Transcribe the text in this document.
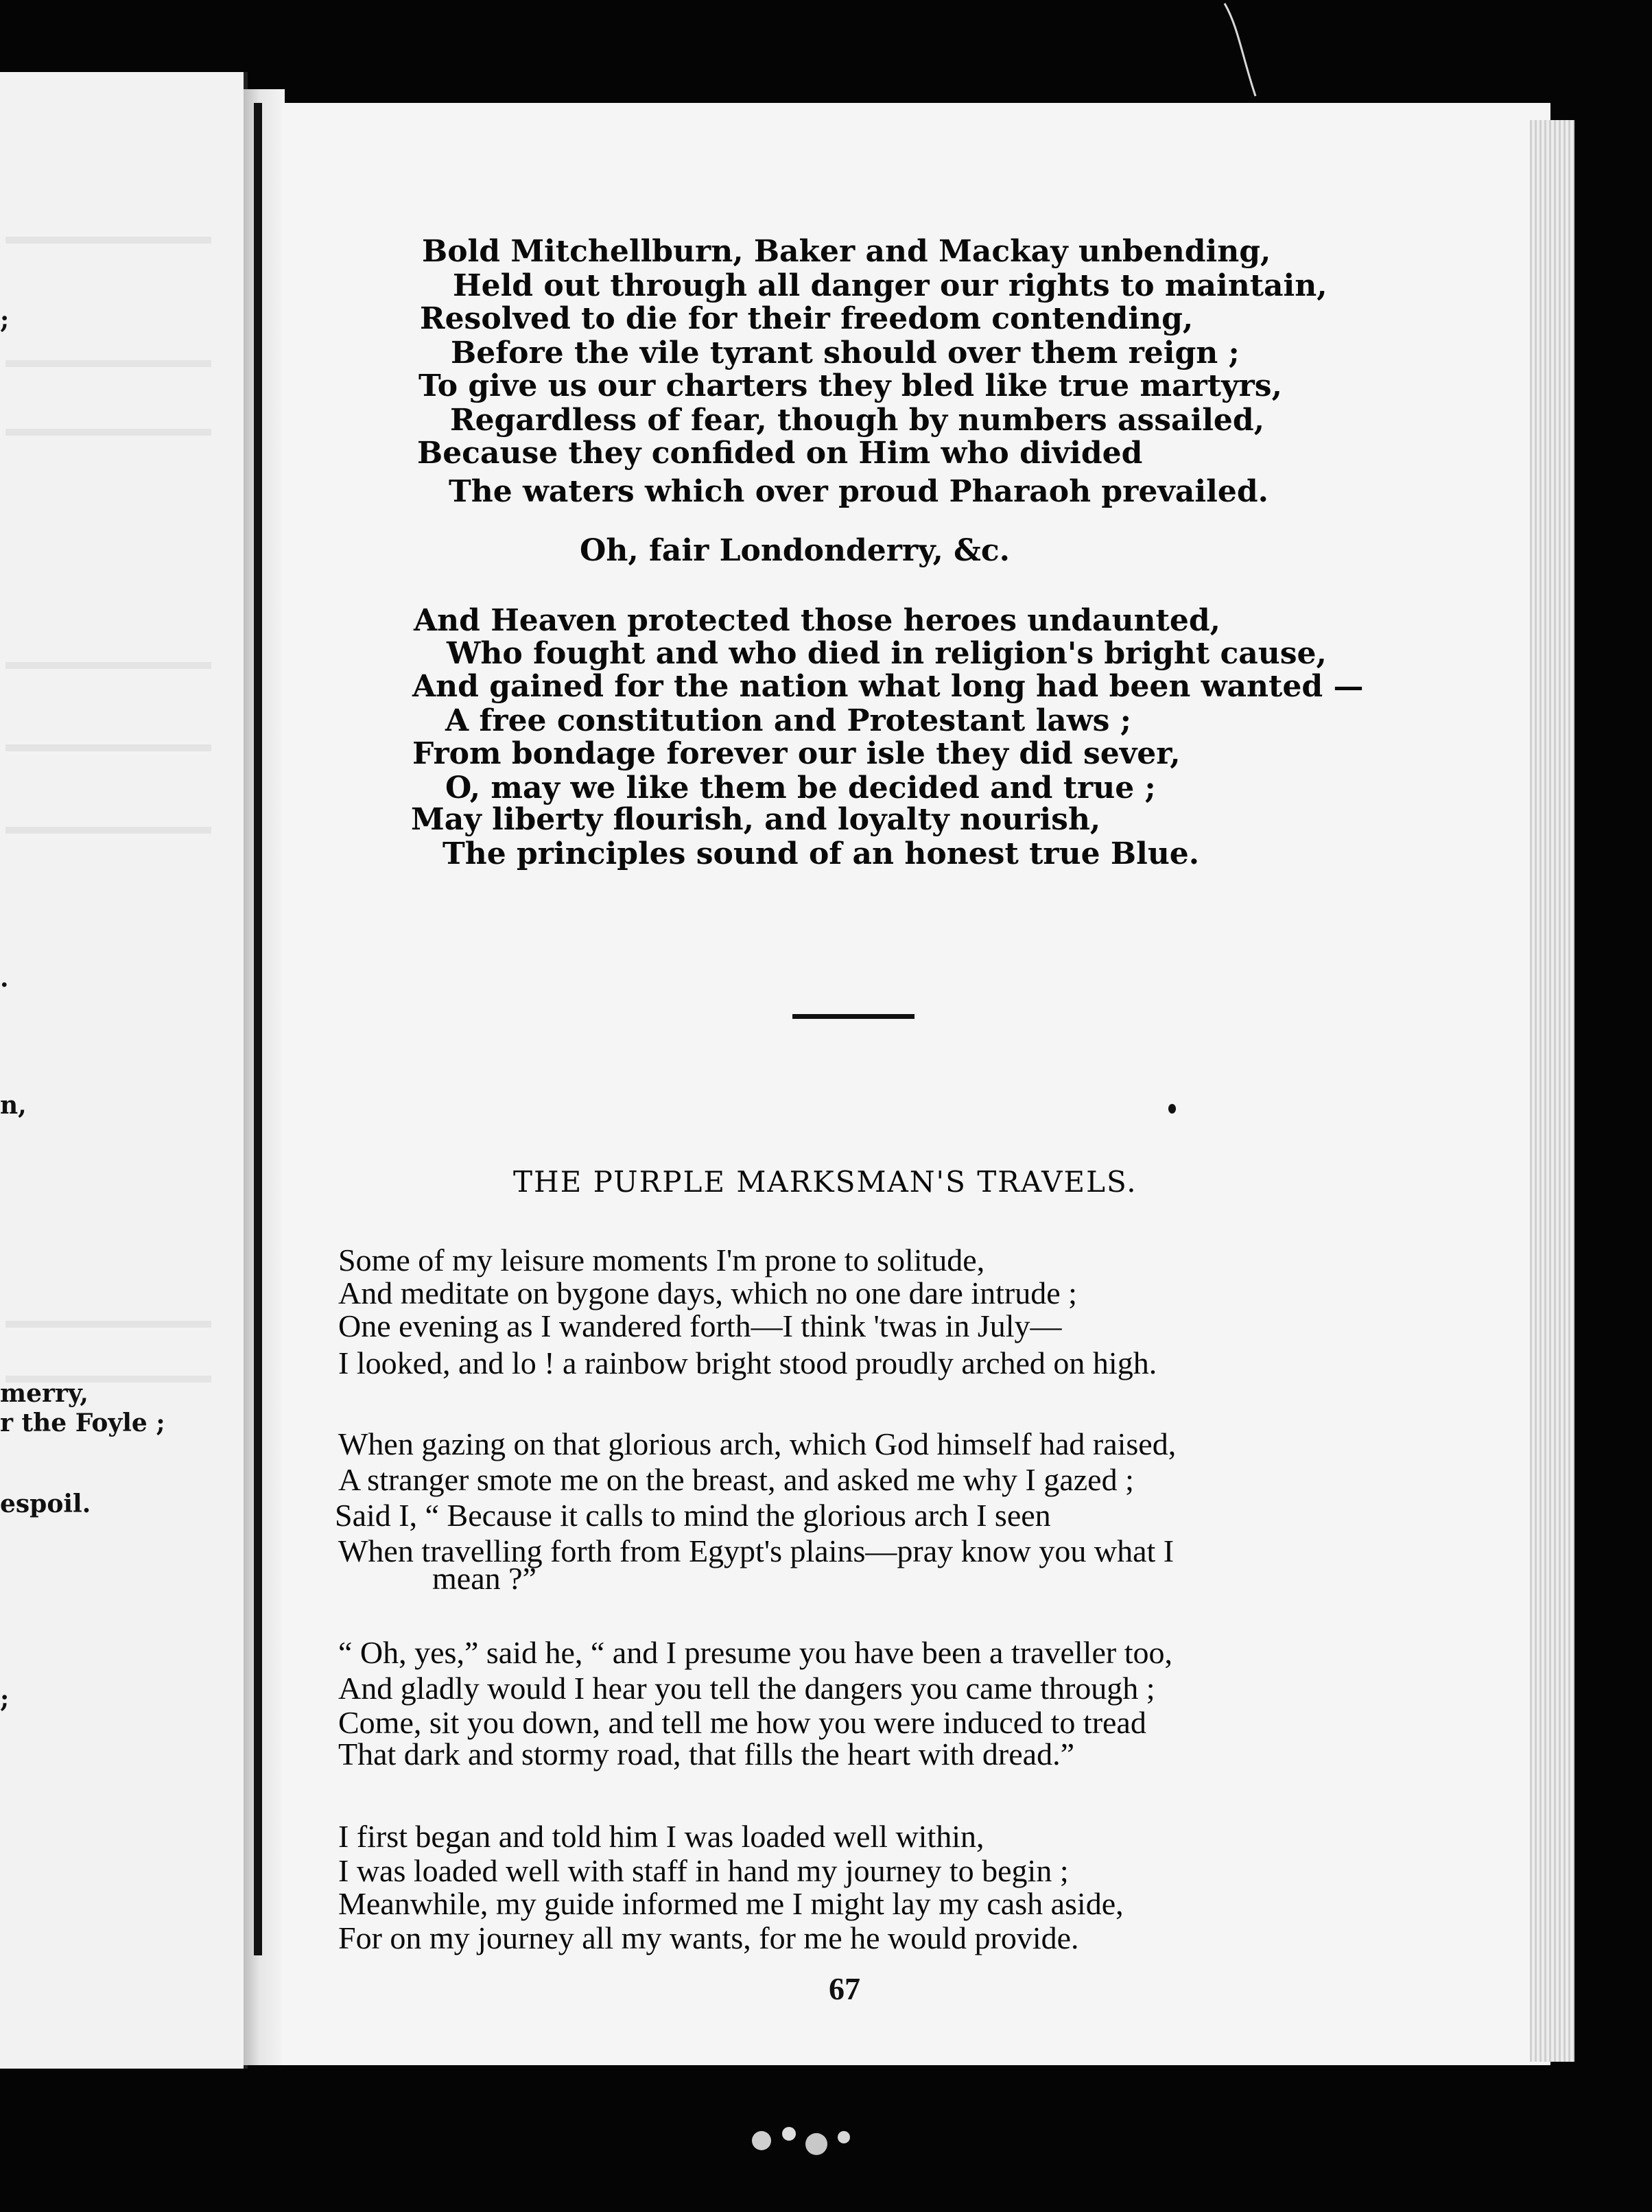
;
.
n,
merry,
r the Foyle ;
espoil.
;
Bold Mitchellburn, Baker and Mackay unbending,
Held out through all danger our rights to maintain,
Resolved to die for their freedom contending,
Before the vile tyrant should over them reign ;
To give us our charters they bled like true martyrs,
Regardless of fear, though by numbers assailed,
Because they confided on Him who divided
The waters which over proud Pharaoh prevailed.
Oh, fair Londonderry, &c.
And Heaven protected those heroes undaunted,
Who fought and who died in religion's bright cause,
And gained for the nation what long had been wanted —
A free constitution and Protestant laws ;
From bondage forever our isle they did sever,
O, may we like them be decided and true ;
May liberty flourish, and loyalty nourish,
The principles sound of an honest true Blue.
THE PURPLE MARKSMAN'S TRAVELS.
Some of my leisure moments I'm prone to solitude,
And meditate on bygone days, which no one dare intrude ;
One evening as I wandered forth—I think 'twas in July—
I looked, and lo ! a rainbow bright stood proudly arched on high.
When gazing on that glorious arch, which God himself had raised,
A stranger smote me on the breast, and asked me why I gazed ;
Said I, “ Because it calls to mind the glorious arch I seen
When travelling forth from Egypt's plains—pray know you what I
mean ?”
“ Oh, yes,” said he, “ and I presume you have been a traveller too,
And gladly would I hear you tell the dangers you came through ;
Come, sit you down, and tell me how you were induced to tread
That dark and stormy road, that fills the heart with dread.”
I first began and told him I was loaded well within,
I was loaded well with staff in hand my journey to begin ;
Meanwhile, my guide informed me I might lay my cash aside,
For on my journey all my wants, for me he would provide.
67
